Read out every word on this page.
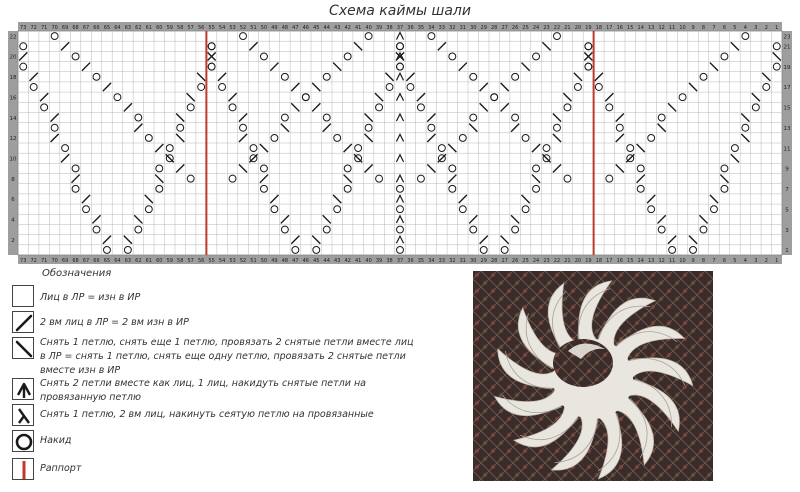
Схема каймы шали
73
73
72
72
71
71
70
70
69
69
68
68
67
67
66
66
65
65
64
64
63
63
62
62
61
61
60
60
59
59
58
58
57
57
56
56
55
55
54
54
53
53
52
52
51
51
50
50
49
49
48
48
47
47
46
46
45
45
44
44
43
43
42
42
41
41
40
40
39
39
38
38
37
37
36
36
35
35
34
34
33
33
32
32
31
31
30
30
29
29
28
28
27
27
26
26
25
25
24
24
23
23
22
22
21
21
20
20
19
19
18
18
17
17
16
16
15
15
14
14
13
13
12
12
11
11
10
10
9
9
8
8
7
7
6
6
5
5
4
4
3
3
2
2
1
1
22
20
18
16
14
12
10
8
6
4
2
23
21
19
17
15
13
11
9
7
5
3
1
Обозначения
Лиц в ЛР = изн в ИР
2 вм лиц в ЛР = 2 вм изн в ИР
Снять 1 петлю, снять еще 1 петлю, провязать 2 снятые петли вместе лиц в ЛР = снять 1 петлю, снять еще одну петлю, провязать 2 снятые петли вместе изн в ИР
Снять 2 петли вместе как лиц, 1 лиц, накидуть снятые петли на провязанную петлю
Снять 1 петлю, 2 вм лиц, накинуть сеятую петлю на провязанные
Накид
Раппорт
